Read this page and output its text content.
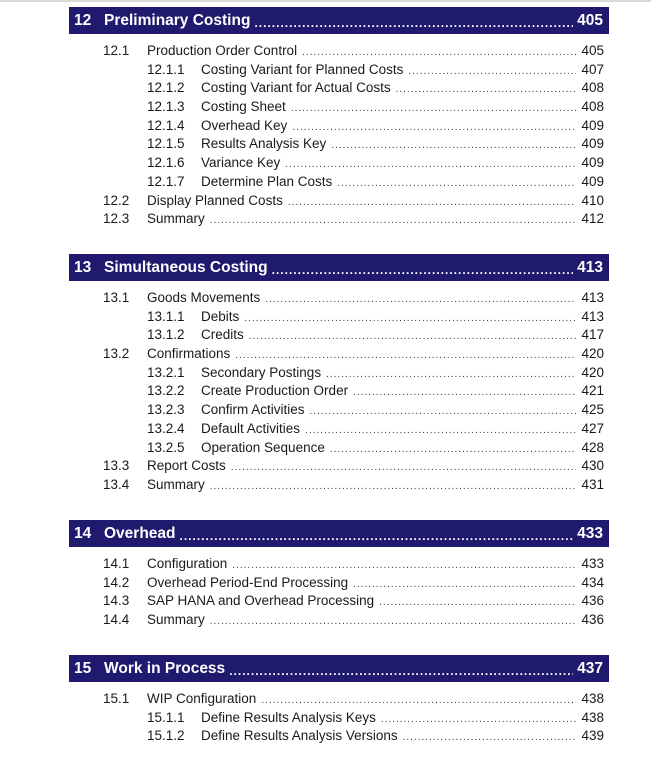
12 Preliminary Costing .....	405
12.1	Production Order Control .....	405
12.1.1	Costing Variant for Planned Costs .....	407
12.1.2	Costing Variant for Actual Costs .....	408
12.1.3	Costing Sheet .....	408
12.1.4	Overhead Key .....	409
12.1.5	Results Analysis Key .....	409
12.1.6	Variance Key .....	409
12.1.7	Determine Plan Costs .....	409
12.2	Display Planned Costs .....	410
12.3	Summary .....	412
13 Simultaneous Costing .....	413
13.1	Goods Movements .....	413
13.1.1	Debits .....	413
13.1.2	Credits .....	417
13.2	Confirmations .....	420
13.2.1	Secondary Postings .....	420
13.2.2	Create Production Order .....	421
13.2.3	Confirm Activities .....	425
13.2.4	Default Activities .....	427
13.2.5	Operation Sequence .....	428
13.3	Report Costs .....	430
13.4	Summary .....	431
14 Overhead .....	433
14.1	Configuration .....	433
14.2	Overhead Period-End Processing .....	434
14.3	SAP HANA and Overhead Processing .....	436
14.4	Summary .....	436
15 Work in Process .....	437
15.1	WIP Configuration .....	438
15.1.1	Define Results Analysis Keys .....	438
15.1.2	Define Results Analysis Versions .....	439
